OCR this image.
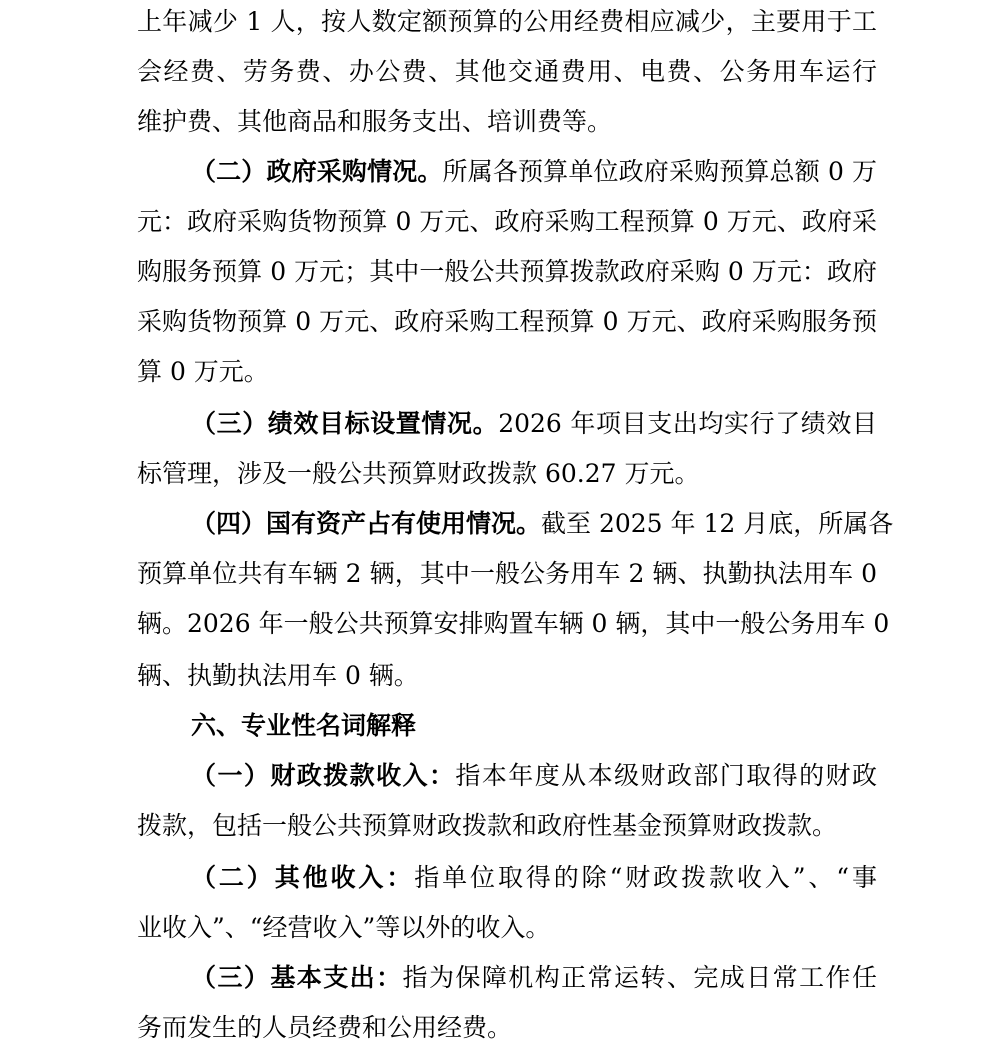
上年减少 1 人，按人数定额预算的公用经费相应减少，主要用于工
会经费、劳务费、办公费、其他交通费用、电费、公务用车运行
维护费、其他商品和服务支出、培训费等。
（二）政府采购情况。所属各预算单位政府采购预算总额 0 万
元：政府采购货物预算 0 万元、政府采购工程预算 0 万元、政府采
购服务预算 0 万元；其中一般公共预算拨款政府采购 0 万元：政府
采购货物预算 0 万元、政府采购工程预算 0 万元、政府采购服务预
算 0 万元。
（三）绩效目标设置情况。2026 年项目支出均实行了绩效目
标管理，涉及一般公共预算财政拨款 60.27 万元。
（四）国有资产占有使用情况。截至 2025 年 12 月底，所属各
预算单位共有车辆 2 辆，其中一般公务用车 2 辆、执勤执法用车 0
辆。2026 年一般公共预算安排购置车辆 0 辆，其中一般公务用车 0
辆、执勤执法用车 0 辆。
六、专业性名词解释
（一）财政拨款收入：指本年度从本级财政部门取得的财政
拨款，包括一般公共预算财政拨款和政府性基金预算财政拨款。
（二）其他收入：指单位取得的除“财政拨款收入”、“事
业收入”、“经营收入”等以外的收入。
（三）基本支出：指为保障机构正常运转、完成日常工作任
务而发生的人员经费和公用经费。
